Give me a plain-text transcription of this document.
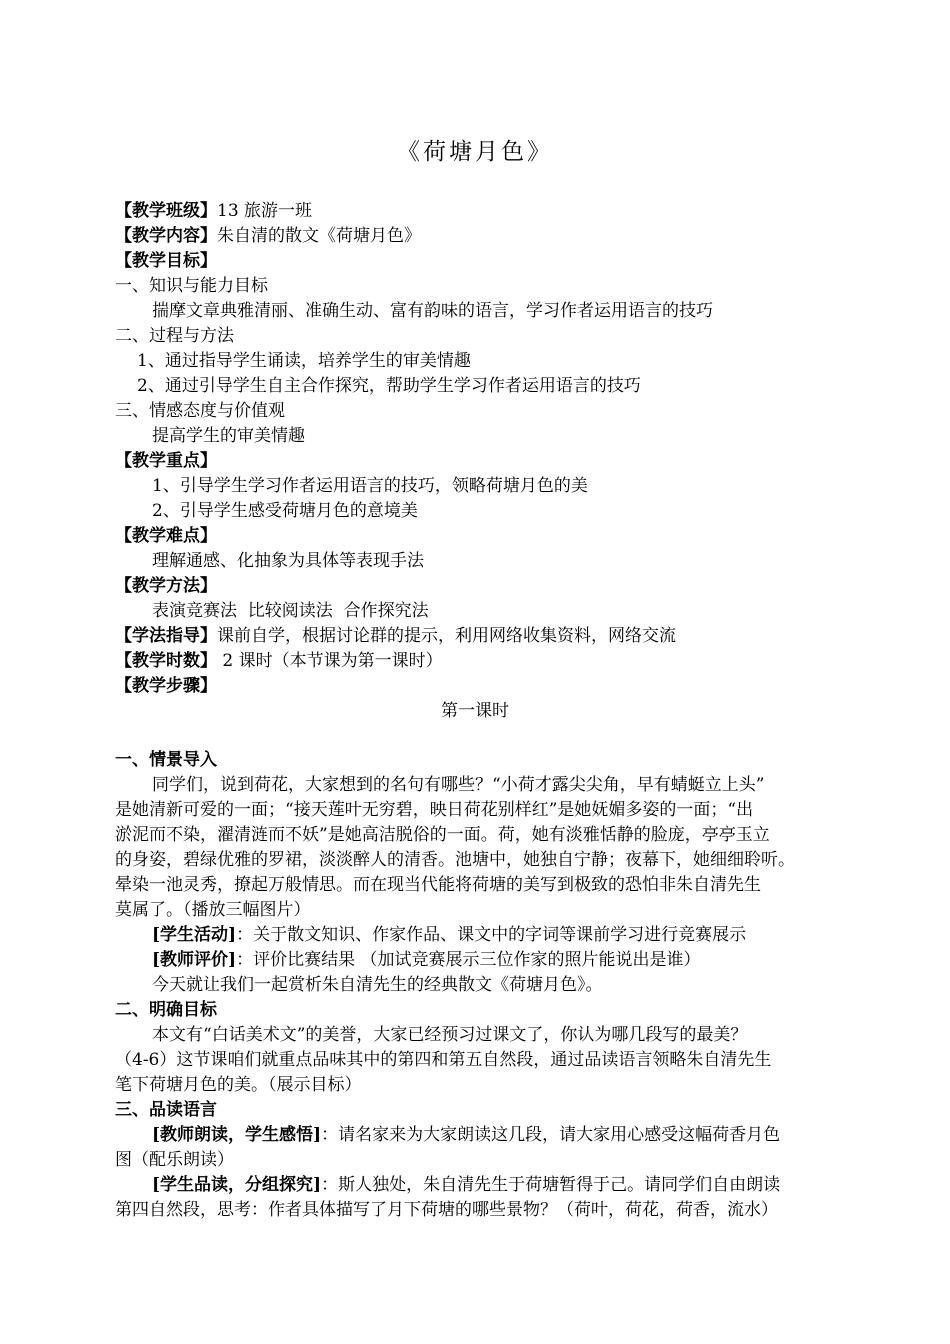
《荷塘月色》
【教学班级】13 旅游一班
【教学内容】朱自清的散文《荷塘月色》
【教学目标】
一、知识与能力目标
揣摩文章典雅清丽、准确生动、富有韵味的语言，学习作者运用语言的技巧
二、过程与方法
1、通过指导学生诵读，培养学生的审美情趣
2、通过引导学生自主合作探究，帮助学生学习作者运用语言的技巧
三、情感态度与价值观
提高学生的审美情趣
【教学重点】
1、引导学生学习作者运用语言的技巧，领略荷塘月色的美
2、引导学生感受荷塘月色的意境美
【教学难点】
理解通感、化抽象为具体等表现手法
【教学方法】
表演竞赛法  比较阅读法  合作探究法
【学法指导】课前自学，根据讨论群的提示，利用网络收集资料，网络交流
【教学时数】 2 课时（本节课为第一课时）
【教学步骤】
第一课时
一、情景导入
同学们，说到荷花，大家想到的名句有哪些？“小荷才露尖尖角，早有蜻蜓立上头”
是她清新可爱的一面；“接天莲叶无穷碧，映日荷花别样红”是她妩媚多姿的一面；“出
淤泥而不染，濯清涟而不妖”是她高洁脱俗的一面。荷，她有淡雅恬静的脸庞，亭亭玉立
的身姿，碧绿优雅的罗裙，淡淡醉人的清香。池塘中，她独自宁静；夜幕下，她细细聆听。
晕染一池灵秀，撩起万般情思。而在现当代能将荷塘的美写到极致的恐怕非朱自清先生
莫属了。（播放三幅图片）
[学生活动]：关于散文知识、作家作品、课文中的字词等课前学习进行竞赛展示
[教师评价]：评价比赛结果 （加试竞赛展示三位作家的照片能说出是谁）
今天就让我们一起赏析朱自清先生的经典散文《荷塘月色》。
二、明确目标
本文有“白话美术文”的美誉，大家已经预习过课文了，你认为哪几段写的最美？
（4-6）这节课咱们就重点品味其中的第四和第五自然段，通过品读语言领略朱自清先生
笔下荷塘月色的美。（展示目标）
三、品读语言
[教师朗读，学生感悟]：请名家来为大家朗读这几段，请大家用心感受这幅荷香月色
图（配乐朗读）
[学生品读，分组探究]：斯人独处，朱自清先生于荷塘暂得于己。请同学们自由朗读
第四自然段，思考：作者具体描写了月下荷塘的哪些景物？（荷叶，荷花，荷香，流水）
